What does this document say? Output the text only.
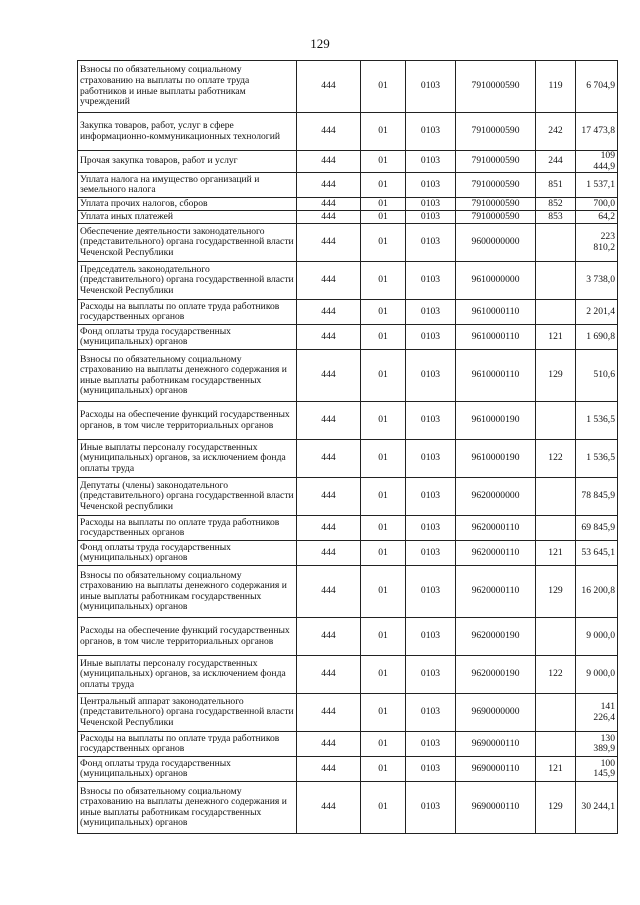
129
Взносы по обязательному социальному страхованию на выплаты по оплате труда работников и иные выплаты работникам учреждений	444	01	0103	7910000590	119	6 704,9
Закупка товаров, работ, услуг в сфере информационно-коммуникационных технологий	444	01	0103	7910000590	242	17 473,8
Прочая закупка товаров, работ и услуг	444	01	0103	7910000590	244	109 444,9
Уплата налога на имущество организаций и земельного налога	444	01	0103	7910000590	851	1 537,1
Уплата прочих налогов, сборов	444	01	0103	7910000590	852	700,0
Уплата иных платежей	444	01	0103	7910000590	853	64,2
Обеспечение деятельности законодательного (представительного) органа государственной власти Чеченской Республики	444	01	0103	9600000000		223 810,2
Председатель законодательного (представительного) органа государственной власти Чеченской Республики	444	01	0103	9610000000		3 738,0
Расходы на выплаты по оплате труда работников государственных органов	444	01	0103	9610000110		2 201,4
Фонд оплаты труда государственных (муниципальных) органов	444	01	0103	9610000110	121	1 690,8
Взносы по обязательному социальному страхованию на выплаты денежного содержания и иные выплаты работникам государственных (муниципальных) органов	444	01	0103	9610000110	129	510,6
Расходы на обеспечение функций государственных органов, в том числе территориальных органов	444	01	0103	9610000190		1 536,5
Иные выплаты персоналу государственных (муниципальных) органов, за исключением фонда оплаты труда	444	01	0103	9610000190	122	1 536,5
Депутаты (члены) законодательного (представительного) органа государственной власти Чеченской республики	444	01	0103	9620000000		78 845,9
Расходы на выплаты по оплате труда работников государственных органов	444	01	0103	9620000110		69 845,9
Фонд оплаты труда государственных (муниципальных) органов	444	01	0103	9620000110	121	53 645,1
Взносы по обязательному социальному страхованию на выплаты денежного содержания и иные выплаты работникам государственных (муниципальных) органов	444	01	0103	9620000110	129	16 200,8
Расходы на обеспечение функций государственных органов, в том числе территориальных органов	444	01	0103	9620000190		9 000,0
Иные выплаты персоналу государственных (муниципальных) органов, за исключением фонда оплаты труда	444	01	0103	9620000190	122	9 000,0
Центральный аппарат законодательного (представительного) органа государственной власти Чеченской Республики	444	01	0103	9690000000		141 226,4
Расходы на выплаты по оплате труда работников государственных органов	444	01	0103	9690000110		130 389,9
Фонд оплаты труда государственных (муниципальных) органов	444	01	0103	9690000110	121	100 145,9
Взносы по обязательному социальному страхованию на выплаты денежного содержания и иные выплаты работникам государственных (муниципальных) органов	444	01	0103	9690000110	129	30 244,1
